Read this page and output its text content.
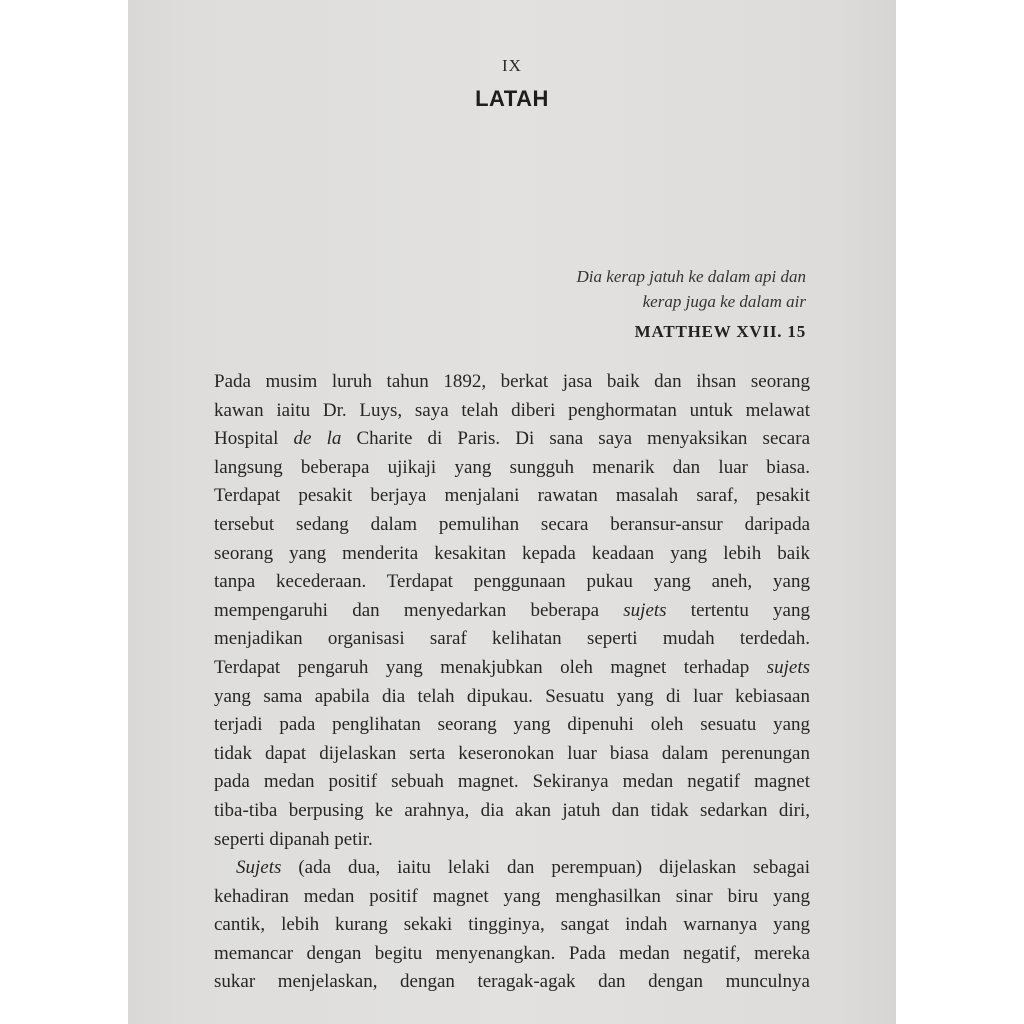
IX
LATAH
Dia kerap jatuh ke dalam api dan
kerap juga ke dalam air
MATTHEW XVII. 15
Pada musim luruh tahun 1892, berkat jasa baik dan ihsan seorang
kawan iaitu Dr. Luys, saya telah diberi penghormatan untuk melawat
Hospital de la Charite di Paris. Di sana saya menyaksikan secara
langsung beberapa ujikaji yang sungguh menarik dan luar biasa.
Terdapat pesakit berjaya menjalani rawatan masalah saraf, pesakit
tersebut sedang dalam pemulihan secara beransur-ansur daripada
seorang yang menderita kesakitan kepada keadaan yang lebih baik
tanpa kecederaan. Terdapat penggunaan pukau yang aneh, yang
mempengaruhi dan menyedarkan beberapa sujets tertentu yang
menjadikan organisasi saraf kelihatan seperti mudah terdedah.
Terdapat pengaruh yang menakjubkan oleh magnet terhadap sujets
yang sama apabila dia telah dipukau. Sesuatu yang di luar kebiasaan
terjadi pada penglihatan seorang yang dipenuhi oleh sesuatu yang
tidak dapat dijelaskan serta keseronokan luar biasa dalam perenungan
pada medan positif sebuah magnet. Sekiranya medan negatif magnet
tiba-tiba berpusing ke arahnya, dia akan jatuh dan tidak sedarkan diri,
seperti dipanah petir.
Sujets (ada dua, iaitu lelaki dan perempuan) dijelaskan sebagai
kehadiran medan positif magnet yang menghasilkan sinar biru yang
cantik, lebih kurang sekaki tingginya, sangat indah warnanya yang
memancar dengan begitu menyenangkan. Pada medan negatif, mereka
sukar menjelaskan, dengan teragak-agak dan dengan munculnya
